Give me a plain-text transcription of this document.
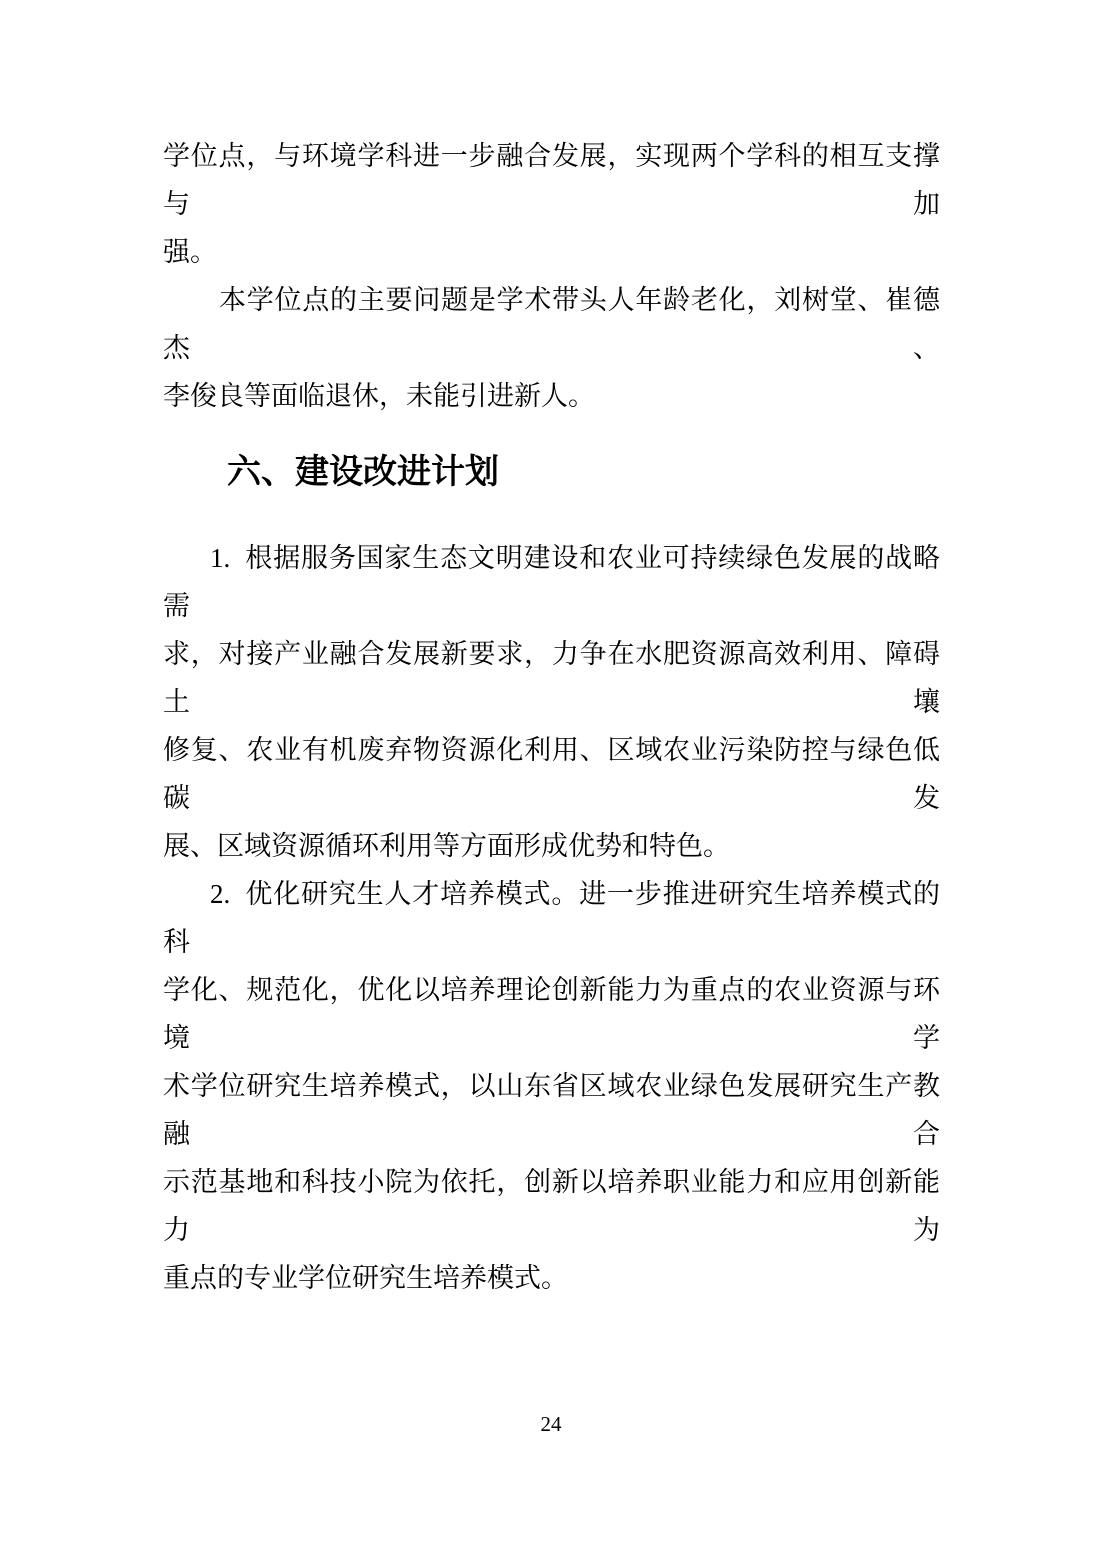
学位点，与环境学科进一步融合发展，实现两个学科的相互支撑与加
强。
本学位点的主要问题是学术带头人年龄老化，刘树堂、崔德杰、
李俊良等面临退休，未能引进新人。
六、建设改进计划
1.  根据服务国家生态文明建设和农业可持续绿色发展的战略需
求，对接产业融合发展新要求，力争在水肥资源高效利用、障碍土壤
修复、农业有机废弃物资源化利用、区域农业污染防控与绿色低碳发
展、区域资源循环利用等方面形成优势和特色。
2.  优化研究生人才培养模式。进一步推进研究生培养模式的科
学化、规范化，优化以培养理论创新能力为重点的农业资源与环境学
术学位研究生培养模式，以山东省区域农业绿色发展研究生产教融合
示范基地和科技小院为依托，创新以培养职业能力和应用创新能力为
重点的专业学位研究生培养模式。
24
